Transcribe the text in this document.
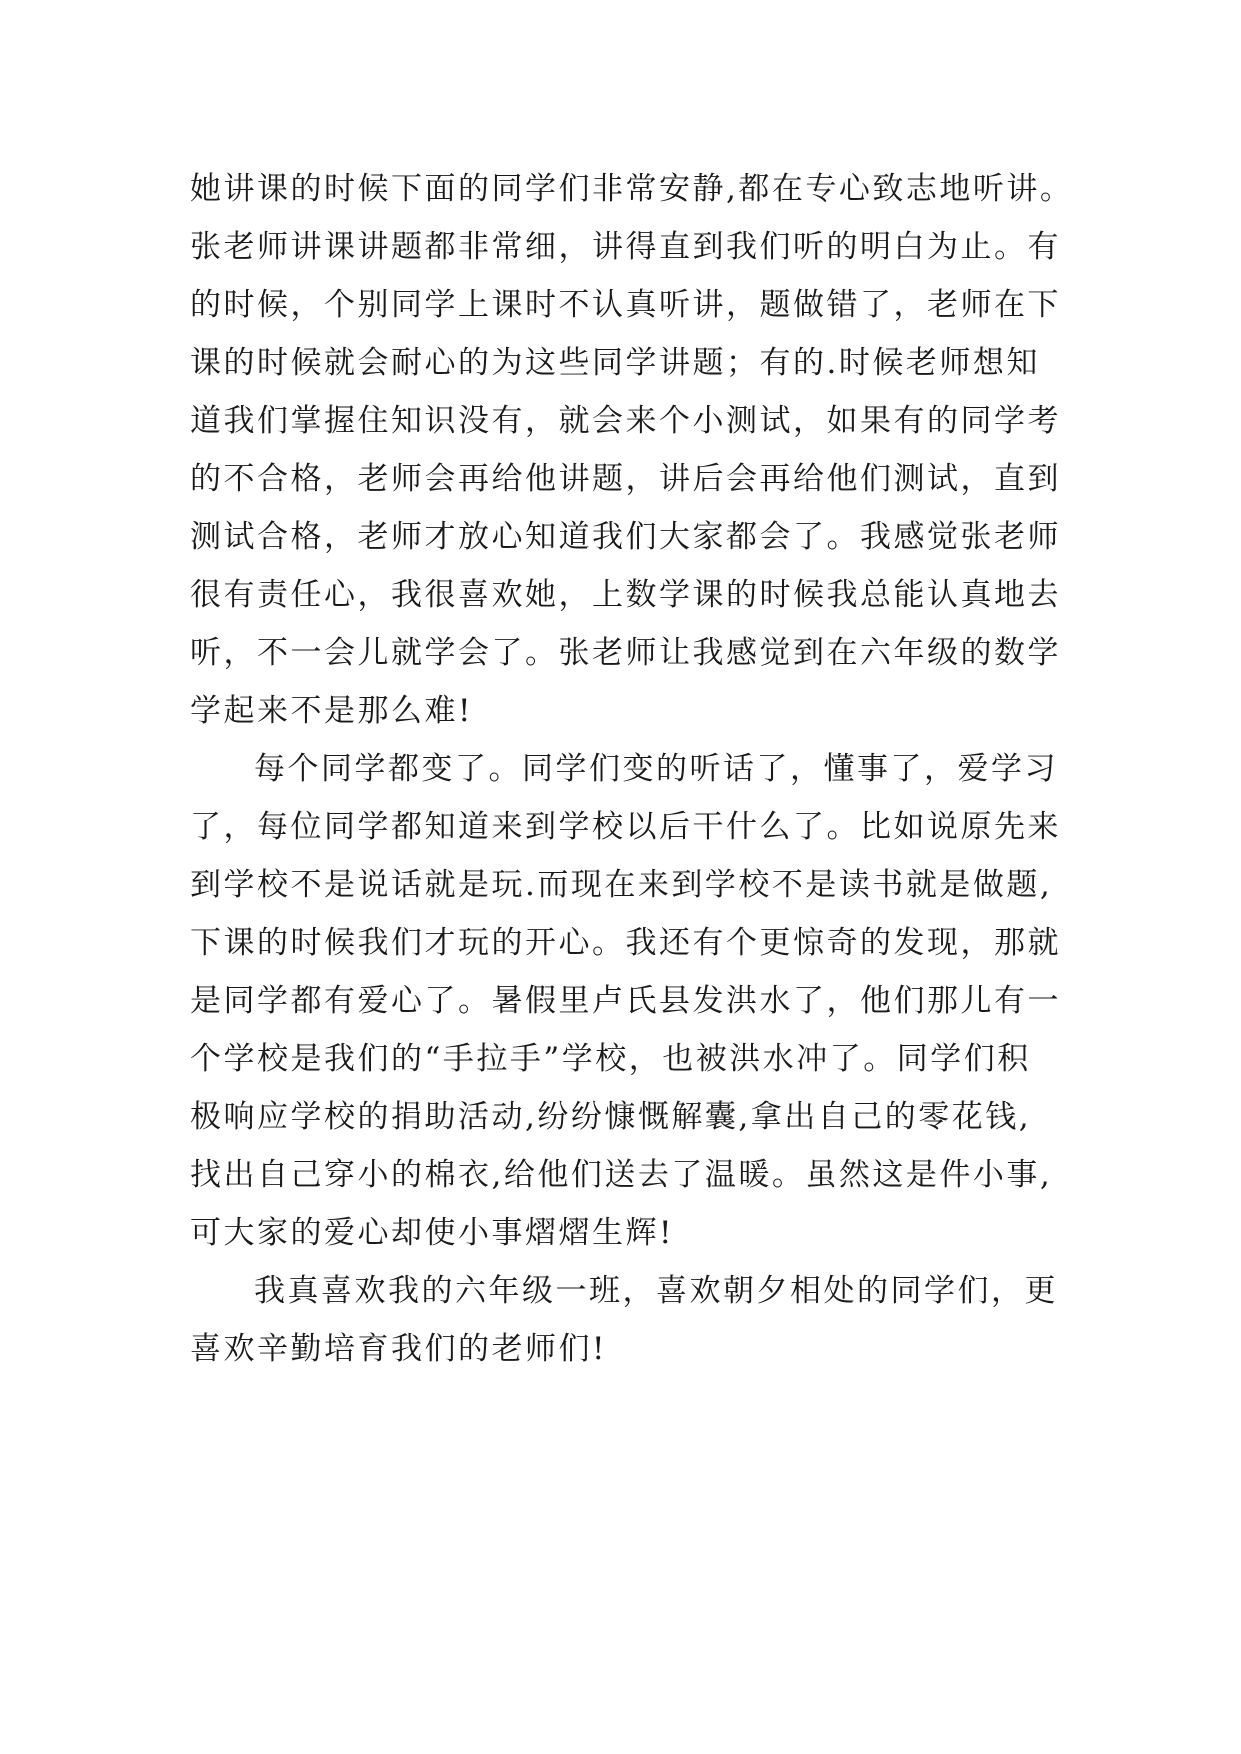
她讲课的时候下面的同学们非常安静,都在专心致志地听讲。
张老师讲课讲题都非常细，讲得直到我们听的明白为止。有
的时候，个别同学上课时不认真听讲，题做错了，老师在下
课的时候就会耐心的为这些同学讲题；有的.时候老师想知
道我们掌握住知识没有，就会来个小测试，如果有的同学考
的不合格，老师会再给他讲题，讲后会再给他们测试，直到
测试合格，老师才放心知道我们大家都会了。我感觉张老师
很有责任心，我很喜欢她，上数学课的时候我总能认真地去
听，不一会儿就学会了。张老师让我感觉到在六年级的数学
学起来不是那么难!
每个同学都变了。同学们变的听话了，懂事了，爱学习
了，每位同学都知道来到学校以后干什么了。比如说原先来
到学校不是说话就是玩.而现在来到学校不是读书就是做题,
下课的时候我们才玩的开心。我还有个更惊奇的发现，那就
是同学都有爱心了。暑假里卢氏县发洪水了，他们那儿有一
个学校是我们的“手拉手”学校，也被洪水冲了。同学们积
极响应学校的捐助活动,纷纷慷慨解囊,拿出自己的零花钱,
找出自己穿小的棉衣,给他们送去了温暖。虽然这是件小事,
可大家的爱心却使小事熠熠生辉!
我真喜欢我的六年级一班，喜欢朝夕相处的同学们，更
喜欢辛勤培育我们的老师们!
